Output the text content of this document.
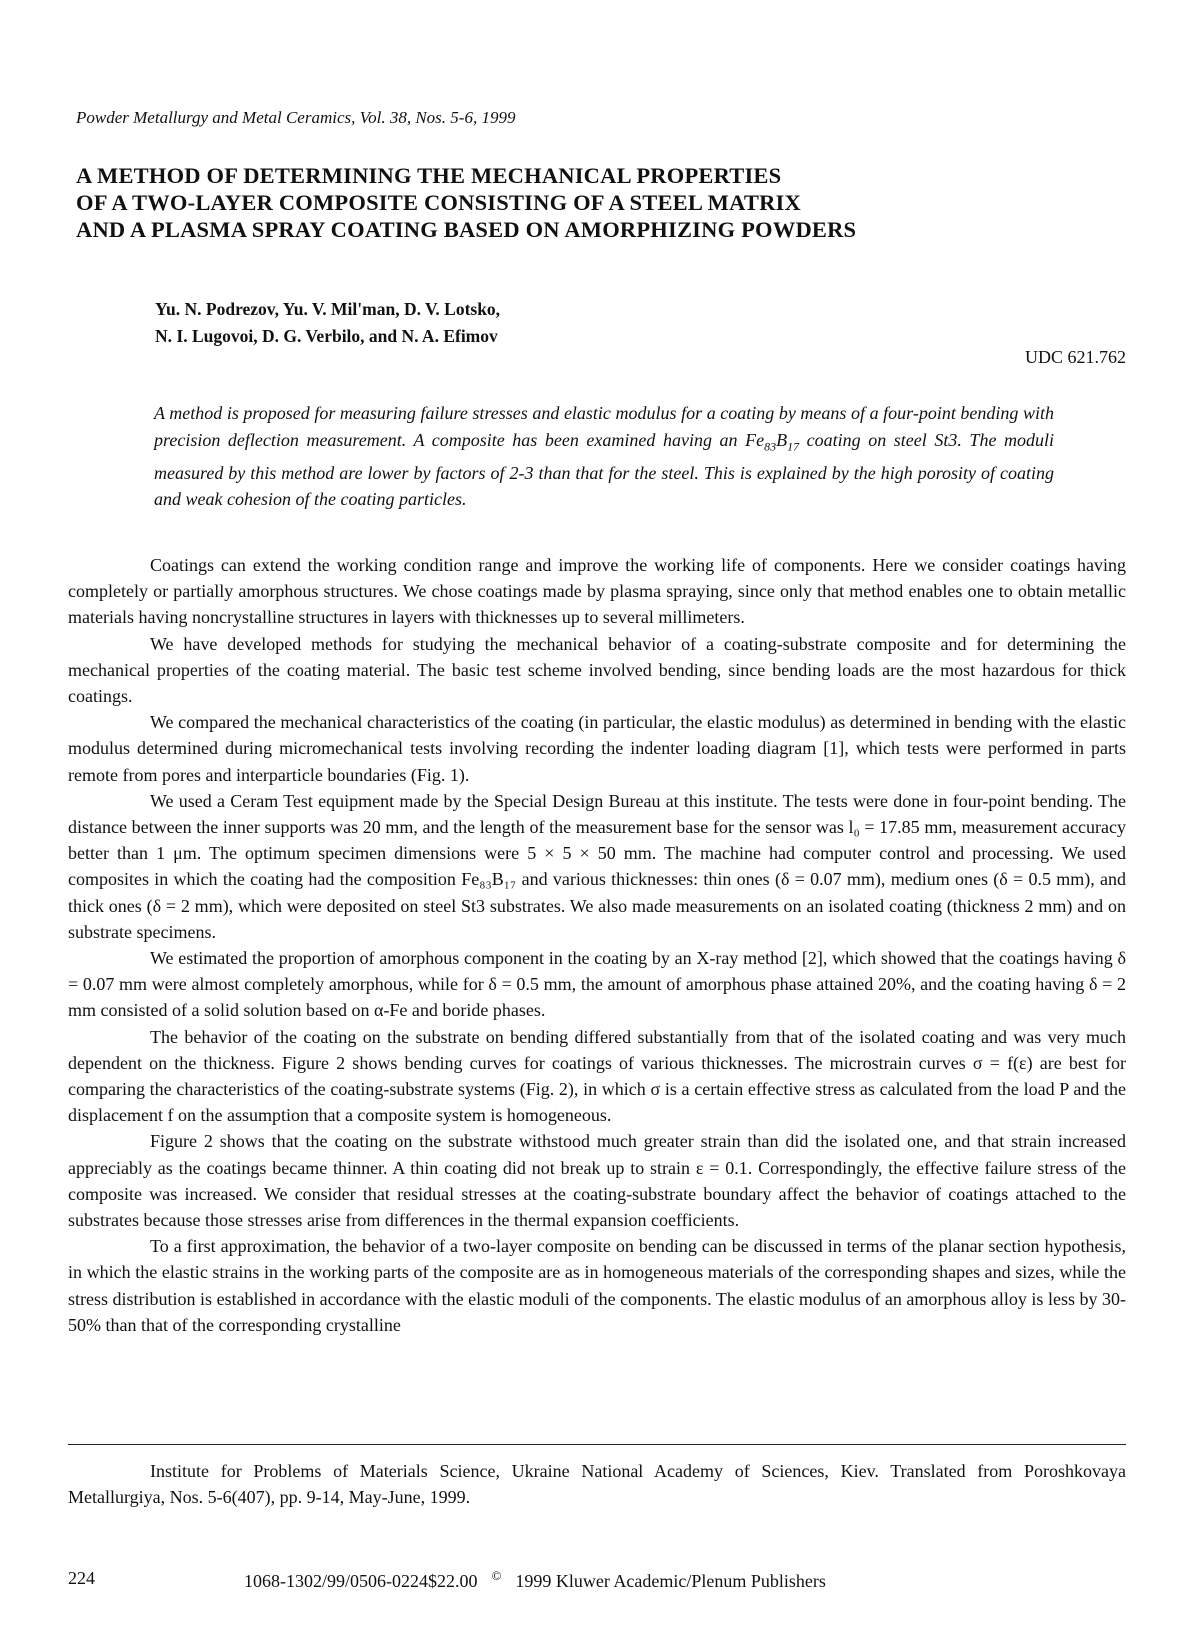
Powder Metallurgy and Metal Ceramics, Vol. 38, Nos. 5-6, 1999
A METHOD OF DETERMINING THE MECHANICAL PROPERTIES
OF A TWO-LAYER COMPOSITE CONSISTING OF A STEEL MATRIX
AND A PLASMA SPRAY COATING BASED ON AMORPHIZING POWDERS
Yu. N. Podrezov, Yu. V. Mil'man, D. V. Lotsko,
N. I. Lugovoi, D. G. Verbilo, and N. A. Efimov
UDC 621.762
A method is proposed for measuring failure stresses and elastic modulus for a coating by means of a four-point bending with precision deflection measurement. A composite has been examined having an $Fe_{83}B_{17}$ coating on steel St3. The moduli measured by this method are lower by factors of 2-3 than that for the steel. This is explained by the high porosity of coating and weak cohesion of the coating particles.

Coatings can extend the working condition range and improve the working life of components. Here we consider coatings having completely or partially amorphous structures. We chose coatings made by plasma spraying, since only that method enables one to obtain metallic materials having noncrystalline structures in layers with thicknesses up to several millimeters.

We have developed methods for studying the mechanical behavior of a coating-substrate composite and for determining the mechanical properties of the coating material. The basic test scheme involved bending, since bending loads are the most hazardous for thick coatings.

We compared the mechanical characteristics of the coating (in particular, the elastic modulus) as determined in bending with the elastic modulus determined during micromechanical tests involving recording the indenter loading diagram [1], which tests were performed in parts remote from pores and interparticle boundaries (Fig. 1).

We used a Ceram Test equipment made by the Special Design Bureau at this institute. The tests were done in four-point bending. The distance between the inner supports was 20 mm, and the length of the measurement base for the sensor was l₀ = 17.85 mm, measurement accuracy better than 1 μm. The optimum specimen dimensions were 5 × 5 × 50 mm. The machine had computer control and processing. We used composites in which the coating had the composition Fe₈₃B₁₇ and various thicknesses: thin ones (δ = 0.07 mm), medium ones (δ = 0.5 mm), and thick ones (δ = 2 mm), which were deposited on steel St3 substrates. We also made measurements on an isolated coating (thickness 2 mm) and on substrate specimens.

We estimated the proportion of amorphous component in the coating by an X-ray method [2], which showed that the coatings having δ = 0.07 mm were almost completely amorphous, while for δ = 0.5 mm, the amount of amorphous phase attained 20%, and the coating having δ = 2 mm consisted of a solid solution based on α-Fe and boride phases.

The behavior of the coating on the substrate on bending differed substantially from that of the isolated coating and was very much dependent on the thickness. Figure 2 shows bending curves for coatings of various thicknesses. The microstrain curves σ = f(ε) are best for comparing the characteristics of the coating-substrate systems (Fig. 2), in which σ is a certain effective stress as calculated from the load P and the displacement f on the assumption that a composite system is homogeneous.

Figure 2 shows that the coating on the substrate withstood much greater strain than did the isolated one, and that strain increased appreciably as the coatings became thinner. A thin coating did not break up to strain ε = 0.1. Correspondingly, the effective failure stress of the composite was increased. We consider that residual stresses at the coating-substrate boundary affect the behavior of coatings attached to the substrates because those stresses arise from differences in the thermal expansion coefficients.

To a first approximation, the behavior of a two-layer composite on bending can be discussed in terms of the planar section hypothesis, in which the elastic strains in the working parts of the composite are as in homogeneous materials of the corresponding shapes and sizes, while the stress distribution is established in accordance with the elastic moduli of the components. The elastic modulus of an amorphous alloy is less by 30-50% than that of the corresponding crystalline

Institute for Problems of Materials Science, Ukraine National Academy of Sciences, Kiev. Translated from Poroshkovaya Metallurgiya, Nos. 5-6(407), pp. 9-14, May-June, 1999.
224	1068-1302/99/0506-0224$22.00 © 1999 Kluwer Academic/Plenum Publishers
